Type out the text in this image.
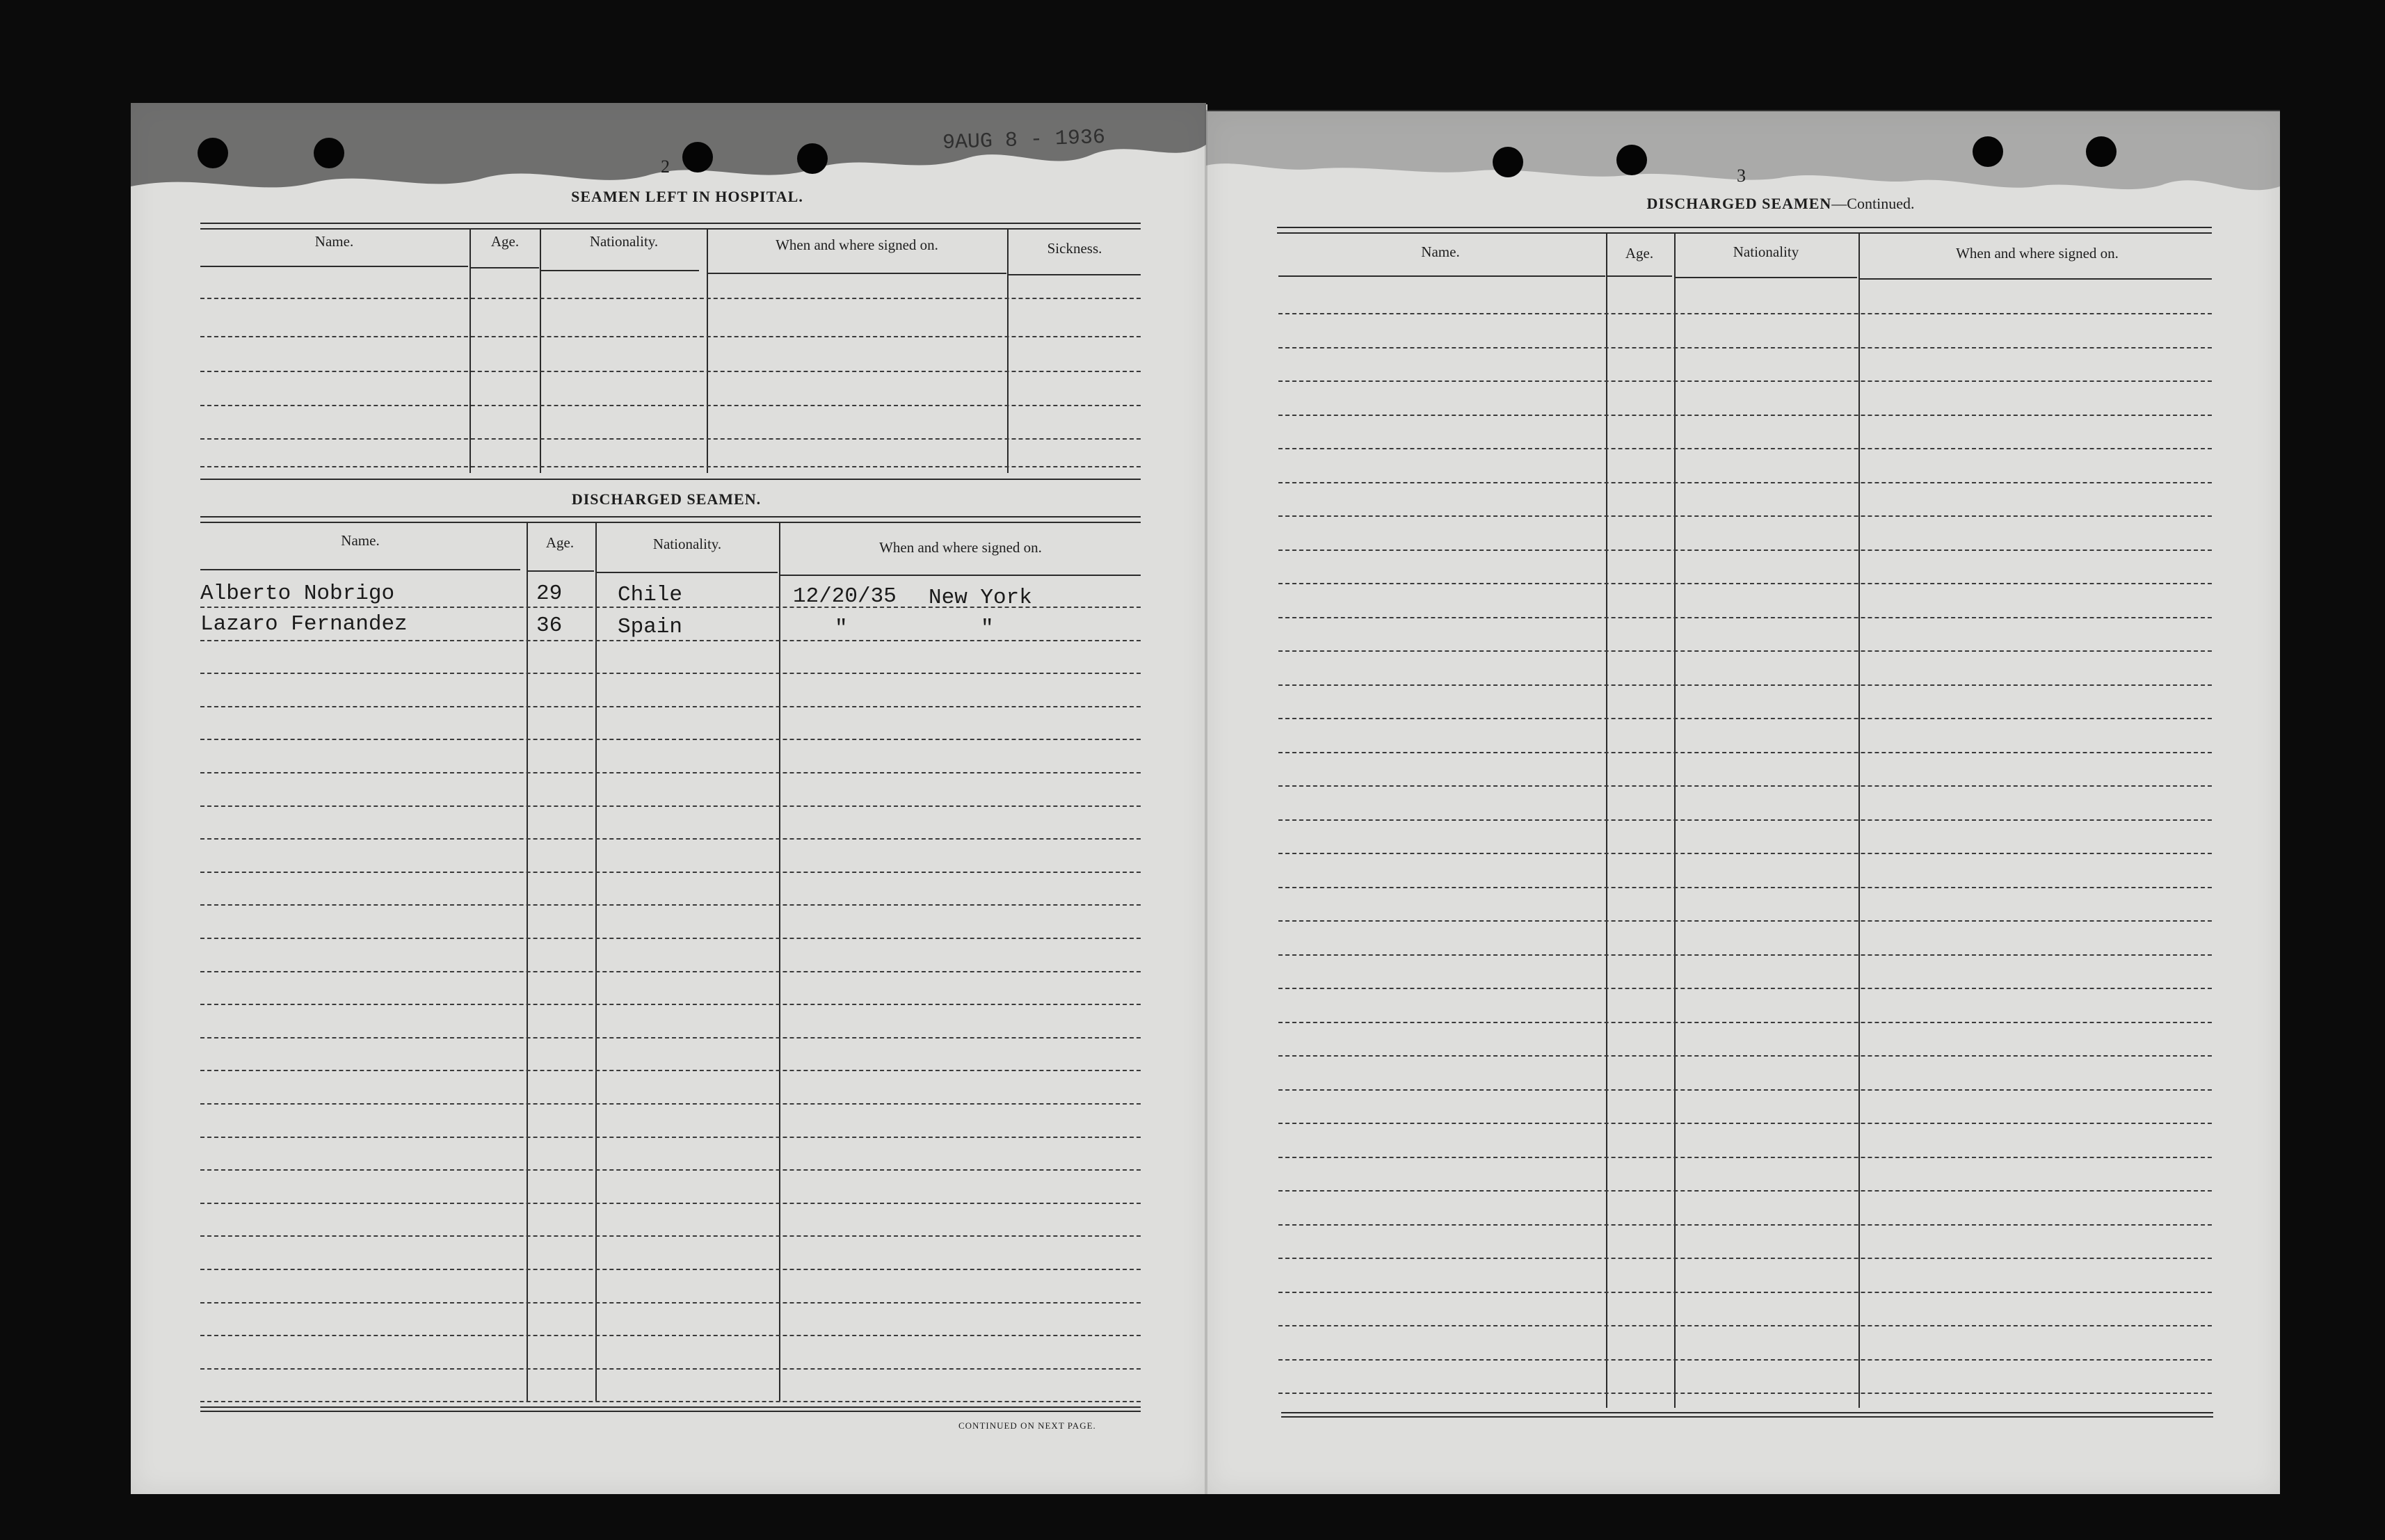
2
9AUG 8 - 1936
SEAMEN LEFT IN HOSPITAL.
Name.	Age.	Nationality.	When and where signed on.	Sickness.
DISCHARGED SEAMEN.
Name.	Age.	Nationality.	When and where signed on.
Alberto Nobrigo	29	Chile	12/20/35 New York
Lazaro Fernandez	36	Spain	"	"
CONTINUED ON NEXT PAGE.
3
DISCHARGED SEAMEN—Continued.
Name.	Age.	Nationality	When and where signed on.
